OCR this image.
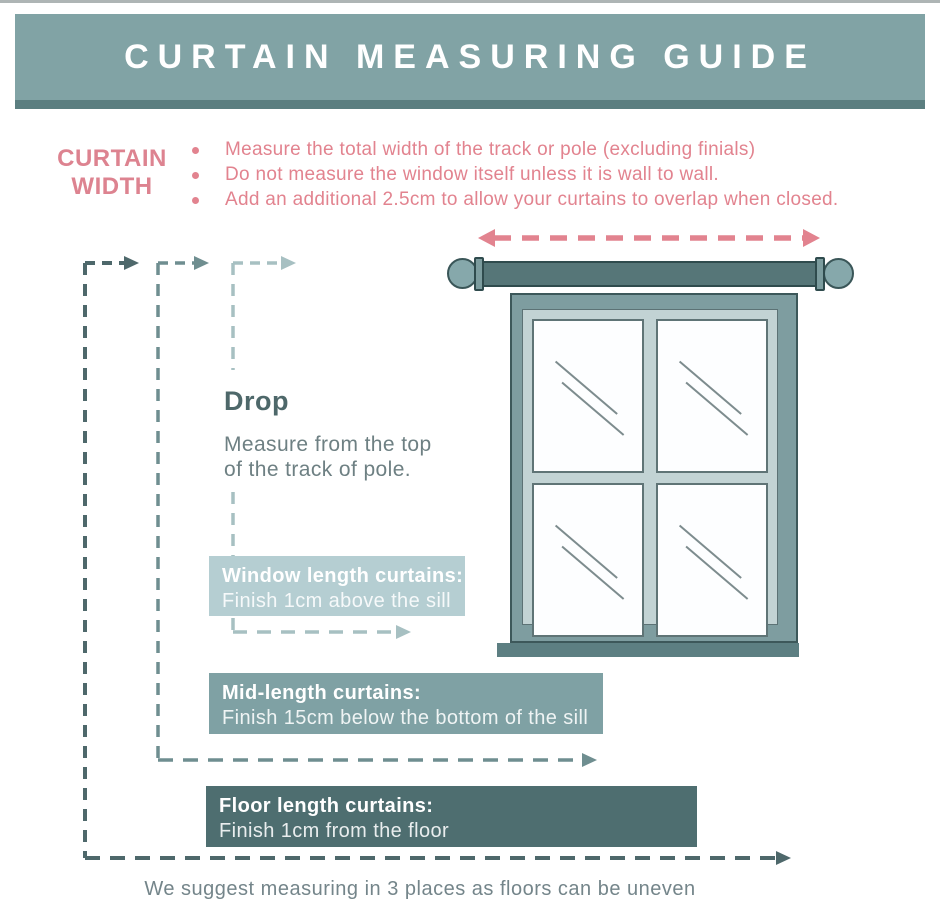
CURTAIN MEASURING GUIDE
CURTAIN
WIDTH
Measure the total width of the track or pole (excluding finials)
Do not measure the window itself unless it is wall to wall.
Add an additional 2.5cm to allow your curtains to overlap when closed.
Drop
Measure from the top
of the track of pole.
Window length curtains:
Finish 1cm above the sill
Mid-length curtains:
Finish 15cm below the bottom of the sill
Floor length curtains:
Finish 1cm from the floor
We suggest measuring in 3 places as floors can be uneven
